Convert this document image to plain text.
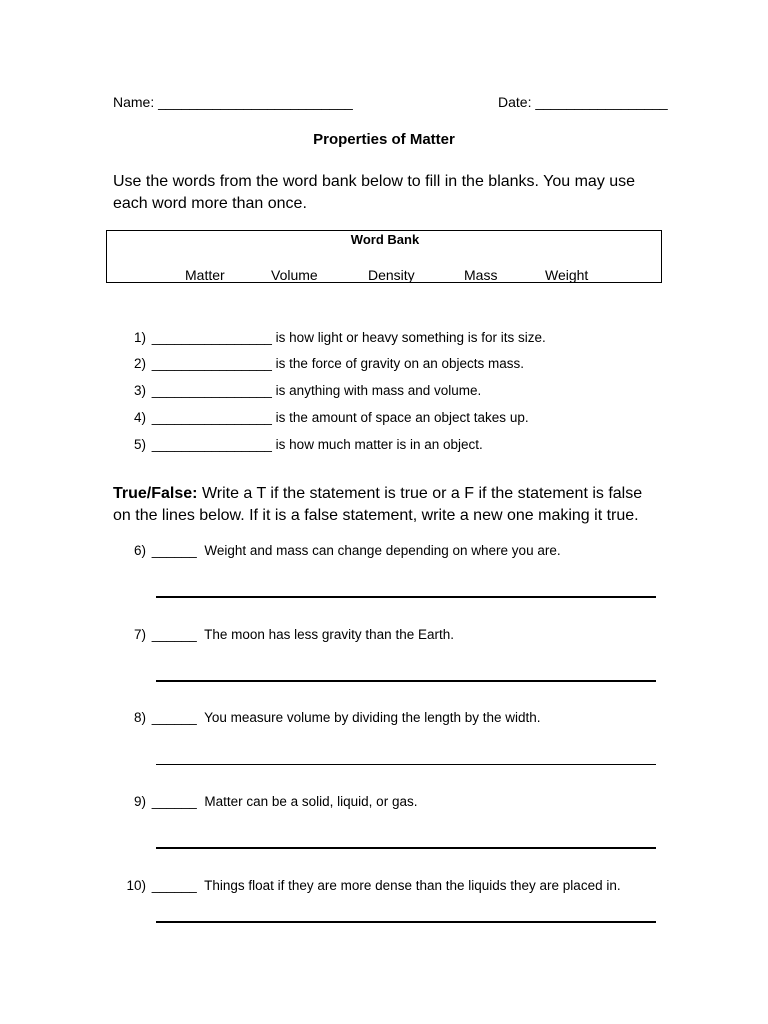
Name: _________________________	Date: _________________
Properties of Matter
Use the words from the word bank below to fill in the blanks. You may use each word more than once.
Word Bank
Matter	Volume	Density	Mass	Weight
1) ________________ is how light or heavy something is for its size.
2) ________________ is the force of gravity on an objects mass.
3) ________________ is anything with mass and volume.
4) ________________ is the amount of space an object takes up.
5) ________________ is how much matter is in an object.
True/False: Write a T if the statement is true or a F if the statement is false on the lines below. If it is a false statement, write a new one making it true.
6) ______ Weight and mass can change depending on where you are.
7) ______ The moon has less gravity than the Earth.
8) ______ You measure volume by dividing the length by the width.
9) ______ Matter can be a solid, liquid, or gas.
10) ______ Things float if they are more dense than the liquids they are placed in.
